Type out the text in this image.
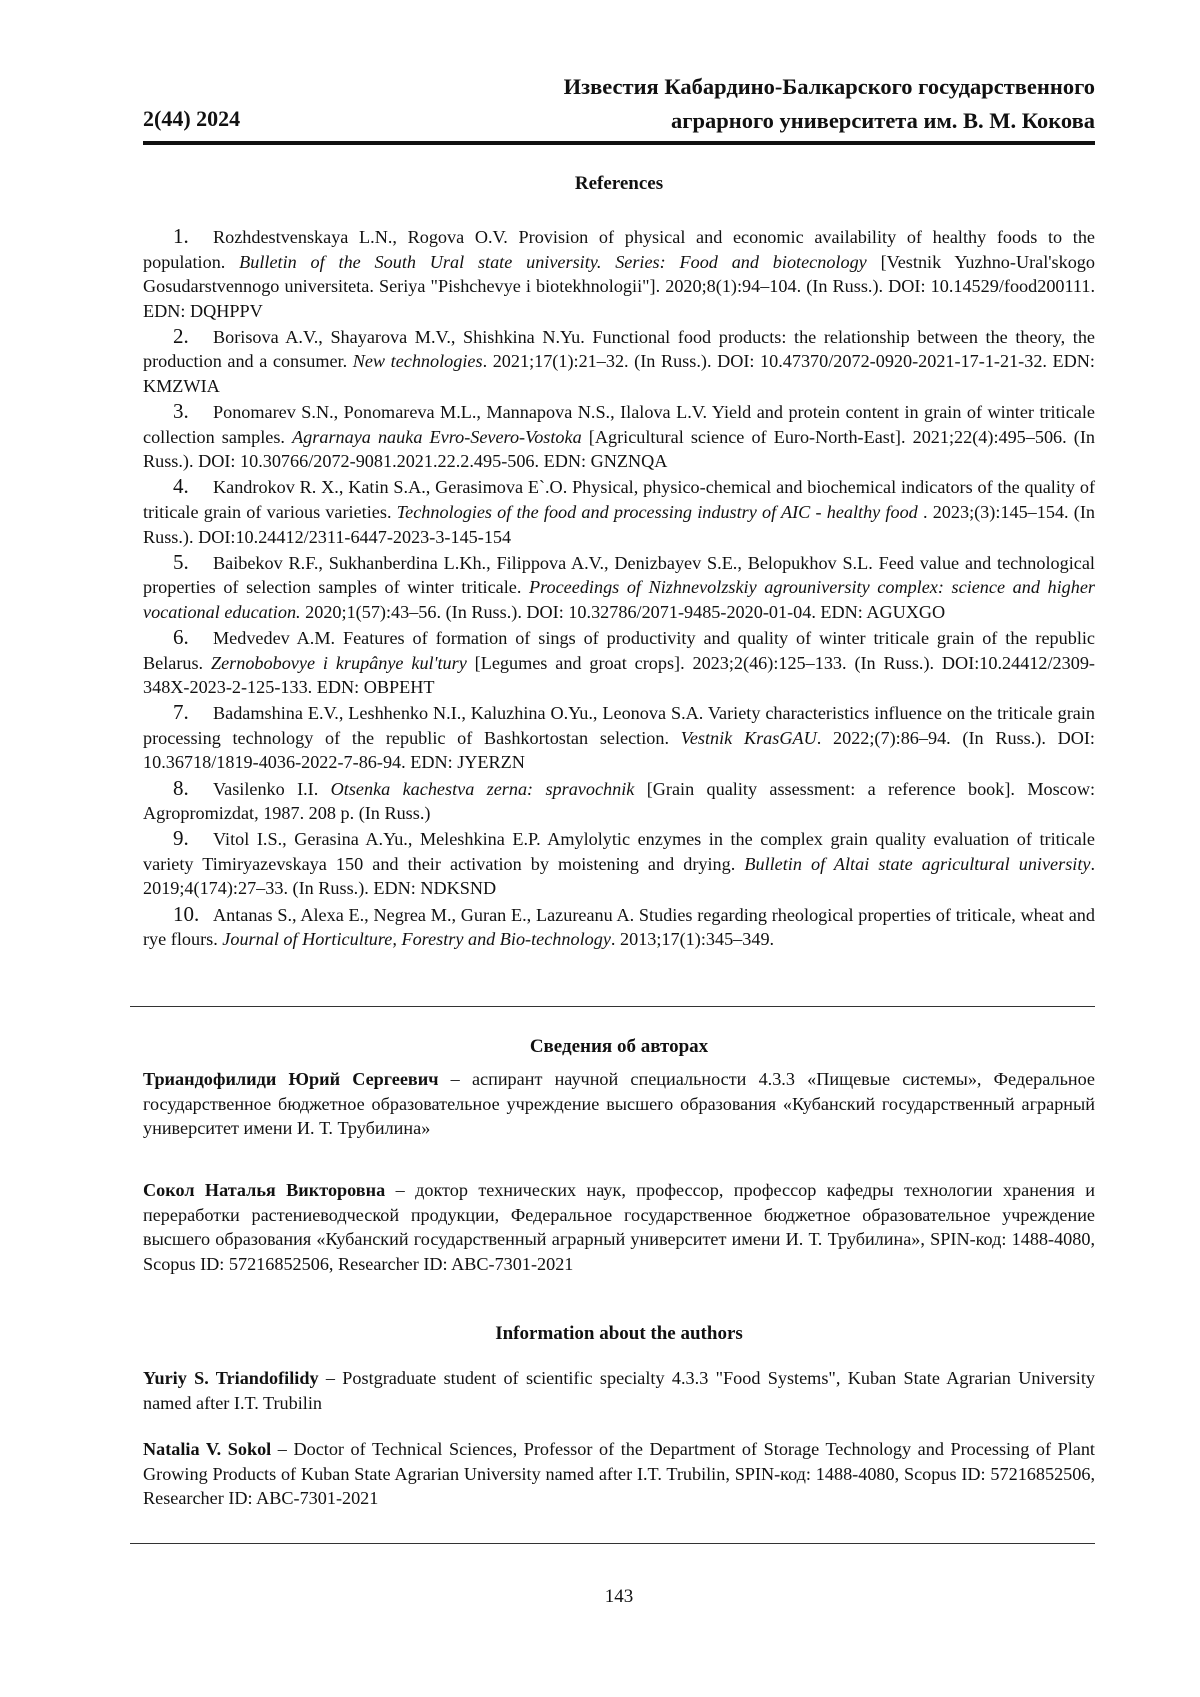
2(44) 2024
Известия Кабардино-Балкарского государственного
аграрного университета им. В. М. Кокова
References
1. Rozhdestvenskaya L.N., Rogova O.V. Provision of physical and economic availability of healthy foods to the population. Bulletin of the South Ural state university. Series: Food and biotecnology [Vestnik Yuzhno-Ural'skogo Gosudarstvennogo universiteta. Seriya "Pishchevye i biotekhnologii"]. 2020;8(1):94–104. (In Russ.). DOI: 10.14529/food200111. EDN: DQHPPV
2. Borisova A.V., Shayarova M.V., Shishkina N.Yu. Functional food products: the relationship between the theory, the production and a consumer. New technologies. 2021;17(1):21–32. (In Russ.). DOI: 10.47370/2072-0920-2021-17-1-21-32. EDN: KMZWIA
3. Ponomarev S.N., Ponomareva M.L., Mannapova N.S., Ilalova L.V. Yield and protein content in grain of winter triticale collection samples. Agrarnaya nauka Evro-Severo-Vostoka [Agricultural science of Euro-North-East]. 2021;22(4):495–506. (In Russ.). DOI: 10.30766/2072-9081.2021.22.2.495-506. EDN: GNZNQA
4. Kandrokov R. X., Katin S.A., Gerasimova E`.O. Physical, physico-chemical and biochemical indicators of the quality of triticale grain of various varieties. Technologies of the food and processing industry of AIC - healthy food . 2023;(3):145–154. (In Russ.). DOI:10.24412/2311-6447-2023-3-145-154
5. Baibekov R.F., Sukhanberdina L.Kh., Filippova A.V., Denizbayev S.E., Belopukhov S.L. Feed value and technological properties of selection samples of winter triticale. Proceedings of Nizhnevolzskiy agrouniversity complex: science and higher vocational education. 2020;1(57):43–56. (In Russ.). DOI: 10.32786/2071-9485-2020-01-04. EDN: AGUXGO
6. Medvedev A.M. Features of formation of sings of productivity and quality of winter triticale grain of the republic Belarus. Zernobobovye i krupânye kul'tury [Legumes and groat crops]. 2023;2(46):125–133. (In Russ.). DOI:10.24412/2309-348X-2023-2-125-133. EDN: OBPEHT
7. Badamshina E.V., Leshhenko N.I., Kaluzhina O.Yu., Leonova S.A. Variety characteristics influence on the triticale grain processing technology of the republic of Bashkortostan selection. Vestnik KrasGAU. 2022;(7):86–94. (In Russ.). DOI: 10.36718/1819-4036-2022-7-86-94. EDN: JYERZN
8. Vasilenko I.I. Otsenka kachestva zerna: spravochnik [Grain quality assessment: a reference book]. Moscow: Agropromizdat, 1987. 208 p. (In Russ.)
9. Vitol I.S., Gerasina A.Yu., Meleshkina E.P. Amylolytic enzymes in the complex grain quality evaluation of triticale variety Timiryazevskaya 150 and their activation by moistening and drying. Bulletin of Altai state agricultural university. 2019;4(174):27–33. (In Russ.). EDN: NDKSND
10. Antanas S., Alexa E., Negrea M., Guran E., Lazureanu A. Studies regarding rheological properties of triticale, wheat and rye flours. Journal of Horticulture, Forestry and Bio-technology. 2013;17(1):345–349.
Сведения об авторах

Триандофилиди Юрий Сергеевич – аспирант научной специальности 4.3.3 «Пищевые системы», Федеральное государственное бюджетное образовательное учреждение высшего образования «Кубанский государственный аграрный университет имени И. Т. Трубилина»

Сокол Наталья Викторовна – доктор технических наук, профессор, профессор кафедры технологии хранения и переработки растениеводческой продукции, Федеральное государственное бюджетное образовательное учреждение высшего образования «Кубанский государственный аграрный университет имени И. Т. Трубилина», SPIN-код: 1488-4080, Scopus ID: 57216852506, Researcher ID: ABC-7301-2021

Information about the authors

Yuriy S. Triandofilidy – Postgraduate student of scientific specialty 4.3.3 "Food Systems", Kuban State Agrarian University named after I.T. Trubilin

Natalia V. Sokol – Doctor of Technical Sciences, Professor of the Department of Storage Technology and Processing of Plant Growing Products of Kuban State Agrarian University named after I.T. Trubilin, SPIN-код: 1488-4080, Scopus ID: 57216852506, Researcher ID: ABC-7301-2021

143
